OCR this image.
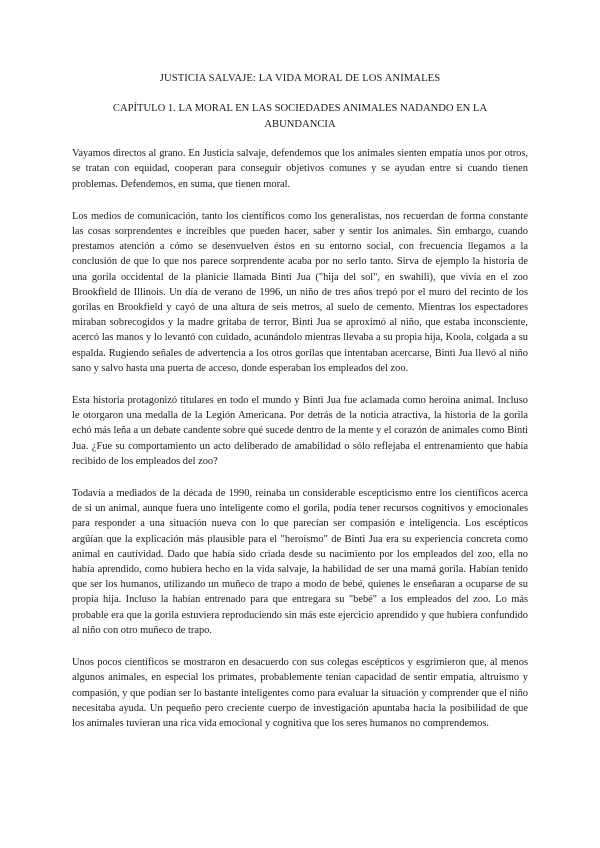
JUSTICIA SALVAJE: LA VIDA MORAL DE LOS ANIMALES
CAPÍTULO 1. LA MORAL EN LAS SOCIEDADES ANIMALES NADANDO EN LA ABUNDANCIA

Vayamos directos al grano. En Justicia salvaje, defendemos que los animales sienten empatía unos por otros, se tratan con equidad, cooperan para conseguir objetivos comunes y se ayudan entre sí cuando tienen problemas. Defendemos, en suma, que tienen moral.

Los medios de comunicación, tanto los científicos como los generalistas, nos recuerdan de forma constante las cosas sorprendentes e increíbles que pueden hacer, saber y sentir los animales. Sin embargo, cuando prestamos atención a cómo se desenvuelven éstos en su entorno social, con frecuencia llegamos a la conclusión de que lo que nos parece sorprendente acaba por no serlo tanto. Sirva de ejemplo la historia de una gorila occidental de la planicie llamada Binti Jua ("hija del sol", en swahili), que vivía en el zoo Brookfield de Illinois. Un día de verano de 1996, un niño de tres años trepó por el muro del recinto de los gorilas en Brookfield y cayó de una altura de seis metros, al suelo de cemento. Mientras los espectadores miraban sobrecogidos y la madre gritaba de terror, Binti Jua se aproximó al niño, que estaba inconsciente, acercó las manos y lo levantó con cuidado, acunándolo mientras llevaba a su propia hija, Koola, colgada a su espalda. Rugiendo señales de advertencia a los otros gorilas que intentaban acercarse, Binti Jua llevó al niño sano y salvo hasta una puerta de acceso, donde esperaban los empleados del zoo.

Esta historia protagonizó titulares en todo el mundo y Binti Jua fue aclamada como heroína animal. Incluso le otorgaron una medalla de la Legión Americana. Por detrás de la noticia atractiva, la historia de la gorila echó más leña a un debate candente sobre qué sucede dentro de la mente y el corazón de animales como Binti Jua. ¿Fue su comportamiento un acto deliberado de amabilidad o sólo reflejaba el entrenamiento que había recibido de los empleados del zoo?

Todavía a mediados de la década de 1990, reinaba un considerable escepticismo entre los científicos acerca de si un animal, aunque fuera uno inteligente como el gorila, podía tener recursos cognitivos y emocionales para responder a una situación nueva con lo que parecían ser compasión e inteligencia. Los escépticos argüían que la explicación más plausible para el "heroísmo" de Binti Jua era su experiencia concreta como animal en cautividad. Dado que había sido criada desde su nacimiento por los empleados del zoo, ella no había aprendido, como hubiera hecho en la vida salvaje, la habilidad de ser una mamá gorila. Habían tenido que ser los humanos, utilizando un muñeco de trapo a modo de bebé, quienes le enseñaran a ocuparse de su propia hija. Incluso la habían entrenado para que entregara su "bebé" a los empleados del zoo. Lo más probable era que la gorila estuviera reproduciendo sin más este ejercicio aprendido y que hubiera confundido al niño con otro muñeco de trapo.

Unos pocos científicos se mostraron en desacuerdo con sus colegas escépticos y esgrimieron que, al menos algunos animales, en especial los primates, probablemente tenían capacidad de sentir empatía, altruismo y compasión, y que podían ser lo bastante inteligentes como para evaluar la situación y comprender que el niño necesitaba ayuda. Un pequeño pero creciente cuerpo de investigación apuntaba hacia la posibilidad de que los animales tuvieran una rica vida emocional y cognitiva que los seres humanos no comprendemos.
